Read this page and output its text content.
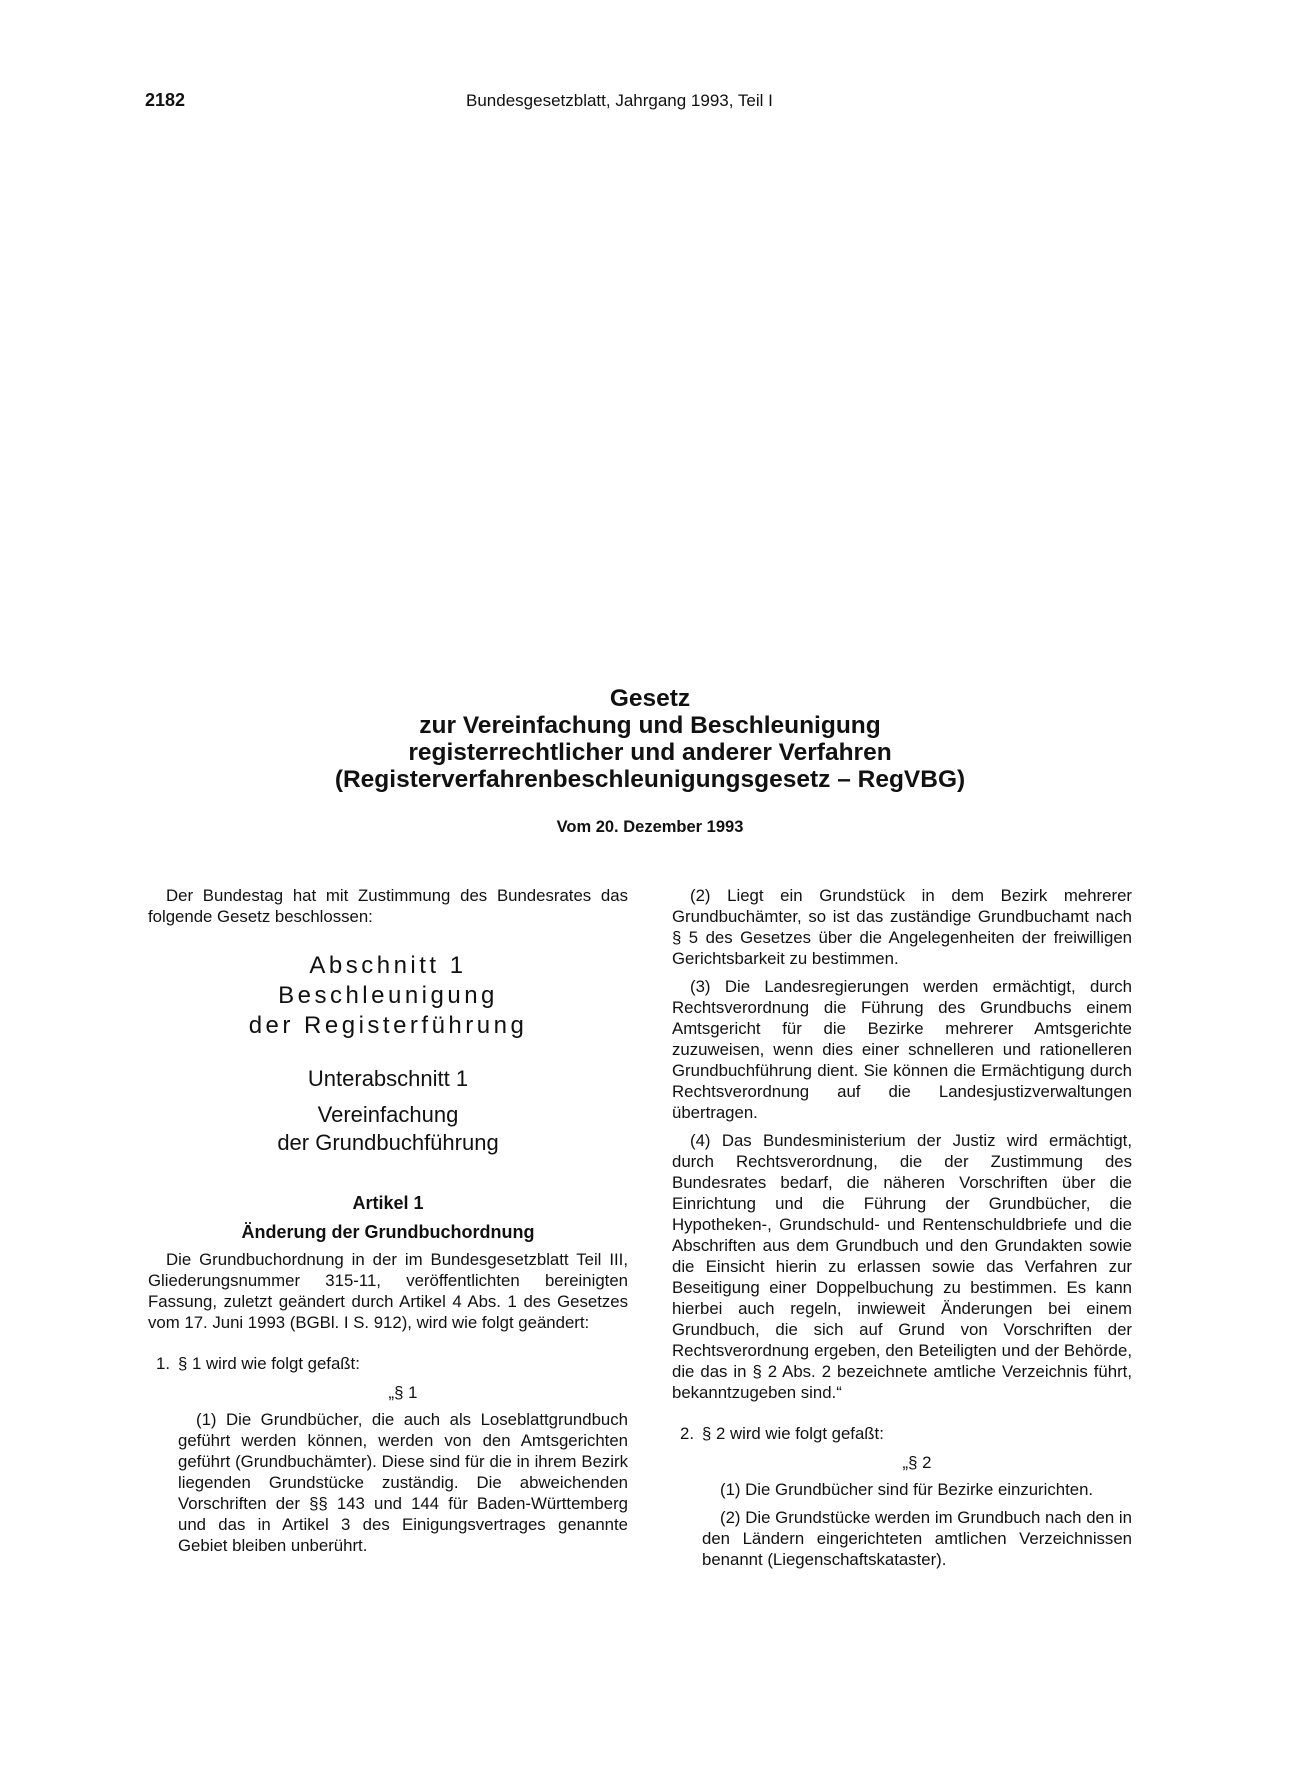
2182	Bundesgesetzblatt, Jahrgang 1993, Teil I
Gesetz
zur Vereinfachung und Beschleunigung
registerrechtlicher und anderer Verfahren
(Registerverfahrenbeschleunigungsgesetz – RegVBG)
Vom 20. Dezember 1993

Der Bundestag hat mit Zustimmung des Bundesrates das folgende Gesetz beschlossen:

Abschnitt 1
Beschleunigung
der Registerführung
Unterabschnitt 1
Vereinfachung
der Grundbuchführung
Artikel 1
Änderung der Grundbuchordnung

Die Grundbuchordnung in der im Bundesgesetzblatt Teil III, Gliederungsnummer 315-11, veröffentlichten bereinigten Fassung, zuletzt geändert durch Artikel 4 Abs. 1 des Gesetzes vom 17. Juni 1993 (BGBl. I S. 912), wird wie folgt geändert:

1. § 1 wird wie folgt gefaßt:

„§ 1

(1) Die Grundbücher, die auch als Loseblattgrundbuch geführt werden können, werden von den Amtsgerichten geführt (Grundbuchämter). Diese sind für die in ihrem Bezirk liegenden Grundstücke zuständig. Die abweichenden Vorschriften der §§ 143 und 144 für Baden-Württemberg und das in Artikel 3 des Einigungsvertrages genannte Gebiet bleiben unberührt.

(2) Liegt ein Grundstück in dem Bezirk mehrerer Grundbuchämter, so ist das zuständige Grundbuchamt nach § 5 des Gesetzes über die Angelegenheiten der freiwilligen Gerichtsbarkeit zu bestimmen.

(3) Die Landesregierungen werden ermächtigt, durch Rechtsverordnung die Führung des Grundbuchs einem Amtsgericht für die Bezirke mehrerer Amtsgerichte zuzuweisen, wenn dies einer schnelleren und rationelleren Grundbuchführung dient. Sie können die Ermächtigung durch Rechtsverordnung auf die Landesjustizverwaltungen übertragen.

(4) Das Bundesministerium der Justiz wird ermächtigt, durch Rechtsverordnung, die der Zustimmung des Bundesrates bedarf, die näheren Vorschriften über die Einrichtung und die Führung der Grundbücher, die Hypotheken-, Grundschuld- und Rentenschuldbriefe und die Abschriften aus dem Grundbuch und den Grundakten sowie die Einsicht hierin zu erlassen sowie das Verfahren zur Beseitigung einer Doppelbuchung zu bestimmen. Es kann hierbei auch regeln, inwieweit Änderungen bei einem Grundbuch, die sich auf Grund von Vorschriften der Rechtsverordnung ergeben, den Beteiligten und der Behörde, die das in § 2 Abs. 2 bezeichnete amtliche Verzeichnis führt, bekanntzugeben sind.“

2. § 2 wird wie folgt gefaßt:

„§ 2

(1) Die Grundbücher sind für Bezirke einzurichten.

(2) Die Grundstücke werden im Grundbuch nach den in den Ländern eingerichteten amtlichen Verzeichnissen benannt (Liegenschaftskataster).
